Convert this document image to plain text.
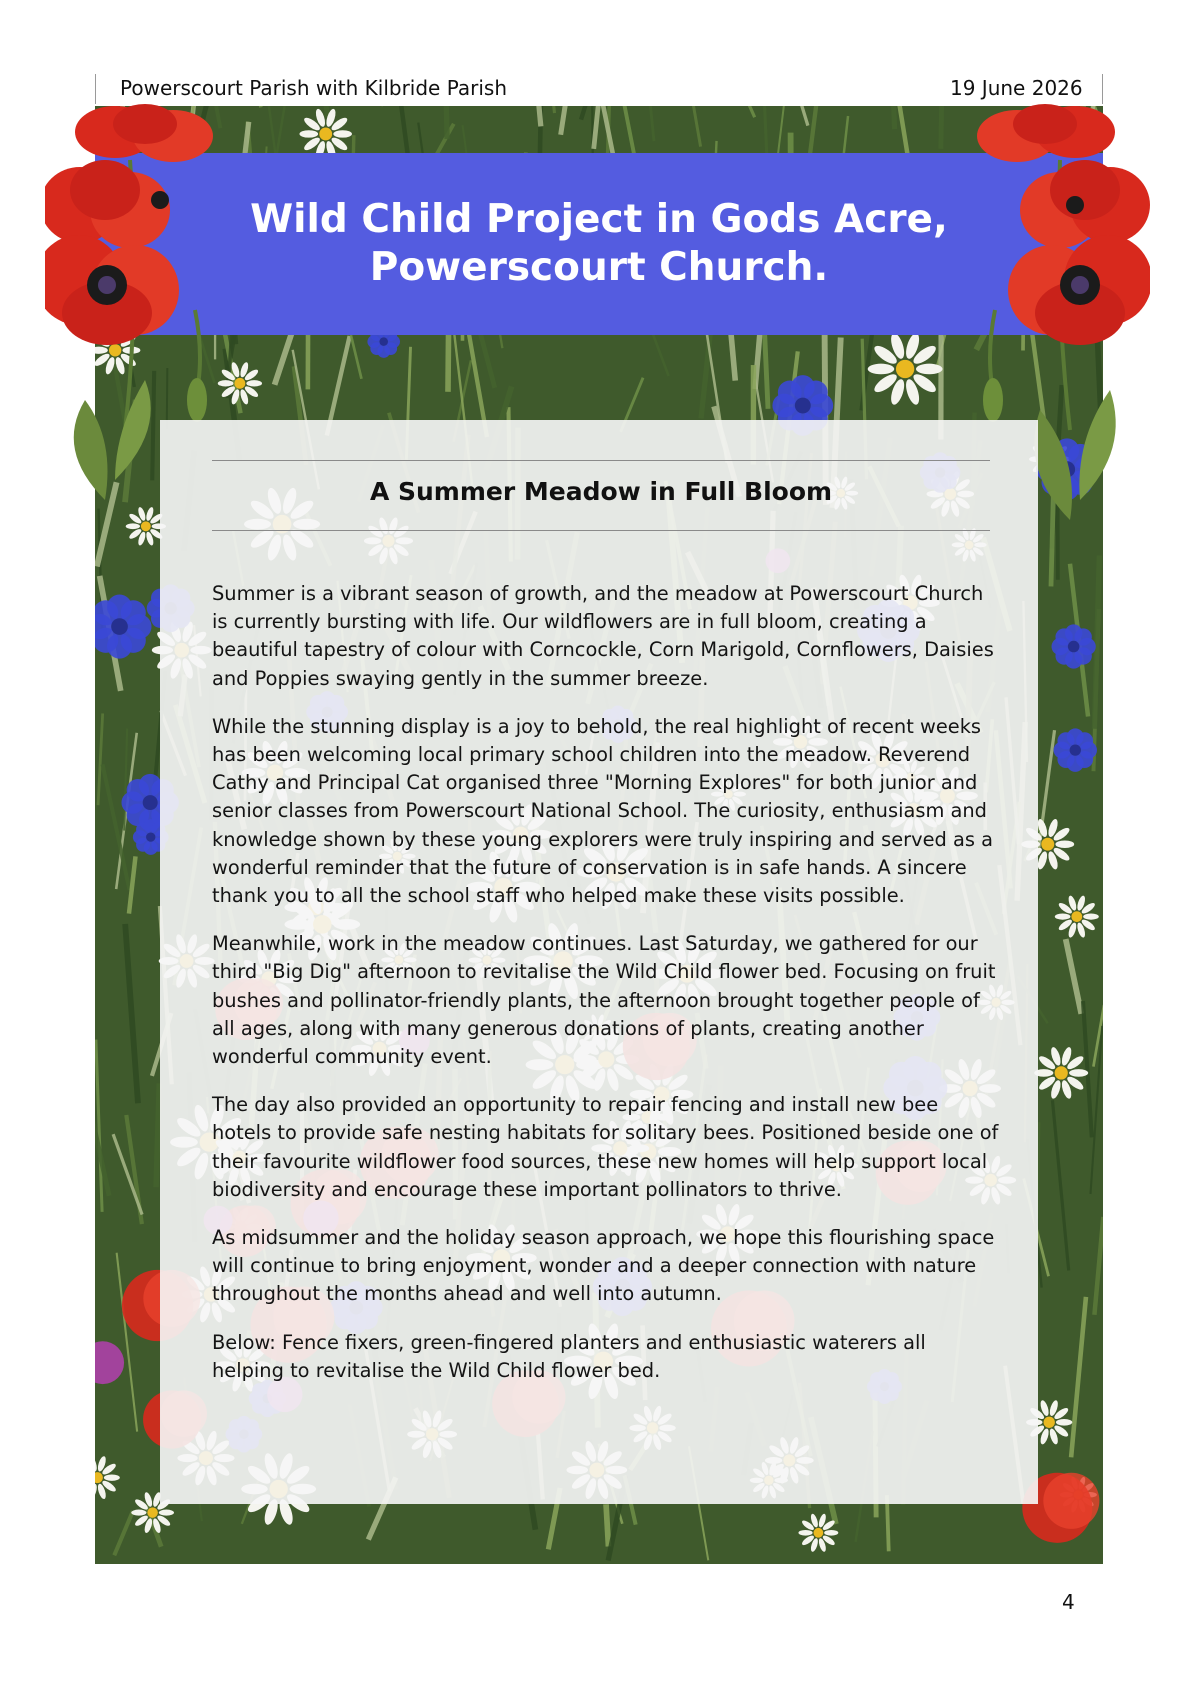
Powerscourt Parish with Kilbride Parish	19 June 2026
Wild Child Project in Gods Acre,
Powerscourt Church.
A Summer Meadow in Full Bloom

Summer is a vibrant season of growth, and the meadow at Powerscourt Church is currently bursting with life. Our wildflowers are in full bloom, creating a beautiful tapestry of colour with Corncockle, Corn Marigold, Cornflowers, Daisies and Poppies swaying gently in the summer breeze.

While the stunning display is a joy to behold, the real highlight of recent weeks has been welcoming local primary school children into the meadow. Reverend Cathy and Principal Cat organised three "Morning Explores" for both junior and senior classes from Powerscourt National School. The curiosity, enthusiasm and knowledge shown by these young explorers were truly inspiring and served as a wonderful reminder that the future of conservation is in safe hands. A sincere thank you to all the school staff who helped make these visits possible.

Meanwhile, work in the meadow continues. Last Saturday, we gathered for our third "Big Dig" afternoon to revitalise the Wild Child flower bed. Focusing on fruit bushes and pollinator-friendly plants, the afternoon brought together people of all ages, along with many generous donations of plants, creating another wonderful community event.

The day also provided an opportunity to repair fencing and install new bee hotels to provide safe nesting habitats for solitary bees. Positioned beside one of their favourite wildflower food sources, these new homes will help support local biodiversity and encourage these important pollinators to thrive.

As midsummer and the holiday season approach, we hope this flourishing space will continue to bring enjoyment, wonder and a deeper connection with nature throughout the months ahead and well into autumn.

Below: Fence fixers, green-fingered planters and enthusiastic waterers all helping to revitalise the Wild Child flower bed.

4
